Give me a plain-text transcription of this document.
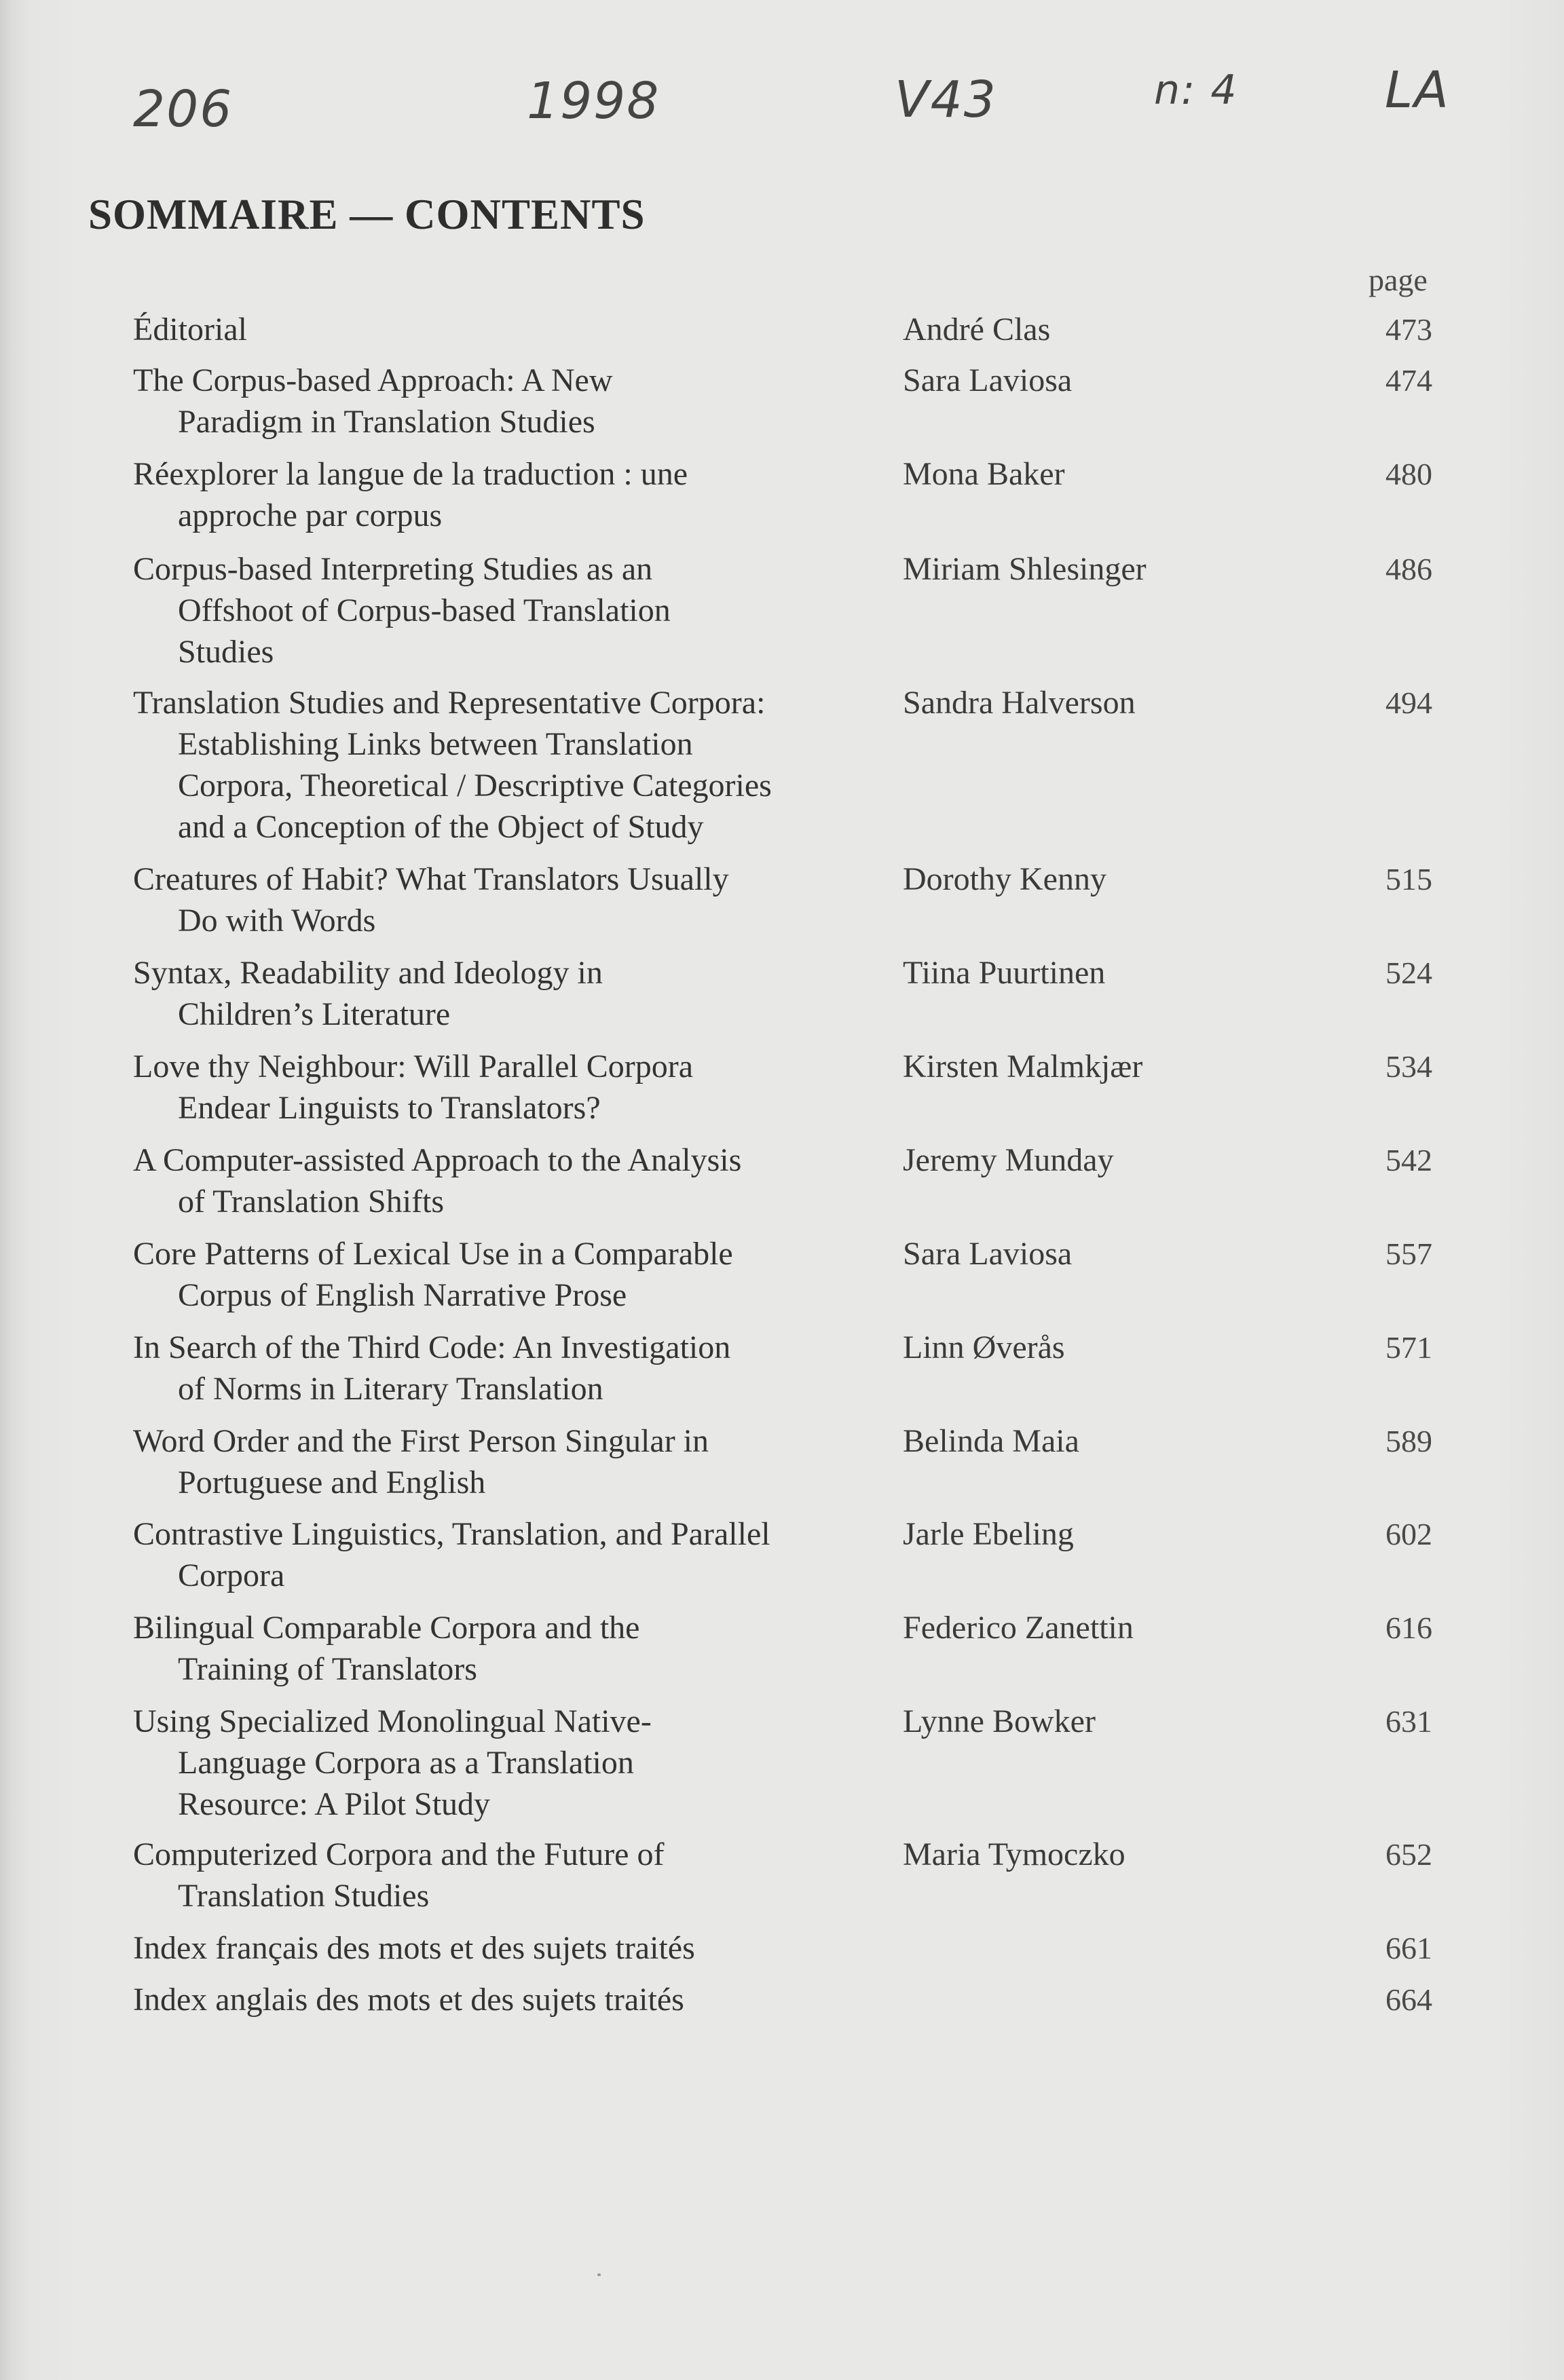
206	1998	V43	n: 4	LA
SOMMAIRE — CONTENTS
page
Éditorial	André Clas	473
The Corpus-based Approach: A New
Paradigm in Translation Studies
Sara Laviosa	474
Réexplorer la langue de la traduction : une
approche par corpus
Mona Baker	480
Corpus-based Interpreting Studies as an
Offshoot of Corpus-based Translation
Studies
Miriam Shlesinger	486
Translation Studies and Representative Corpora:
Establishing Links between Translation
Corpora, Theoretical / Descriptive Categories
and a Conception of the Object of Study
Sandra Halverson	494
Creatures of Habit? What Translators Usually
Do with Words
Dorothy Kenny	515
Syntax, Readability and Ideology in
Children’s Literature
Tiina Puurtinen	524
Love thy Neighbour: Will Parallel Corpora
Endear Linguists to Translators?
Kirsten Malmkjær	534
A Computer-assisted Approach to the Analysis
of Translation Shifts
Jeremy Munday	542
Core Patterns of Lexical Use in a Comparable
Corpus of English Narrative Prose
Sara Laviosa	557
In Search of the Third Code: An Investigation
of Norms in Literary Translation
Linn Øverås	571
Word Order and the First Person Singular in
Portuguese and English
Belinda Maia	589
Contrastive Linguistics, Translation, and Parallel
Corpora
Jarle Ebeling	602
Bilingual Comparable Corpora and the
Training of Translators
Federico Zanettin	616
Using Specialized Monolingual Native-
Language Corpora as a Translation
Resource: A Pilot Study
Lynne Bowker	631
Computerized Corpora and the Future of
Translation Studies
Maria Tymoczko	652
Index français des mots et des sujets traités	661
Index anglais des mots et des sujets traités	664
